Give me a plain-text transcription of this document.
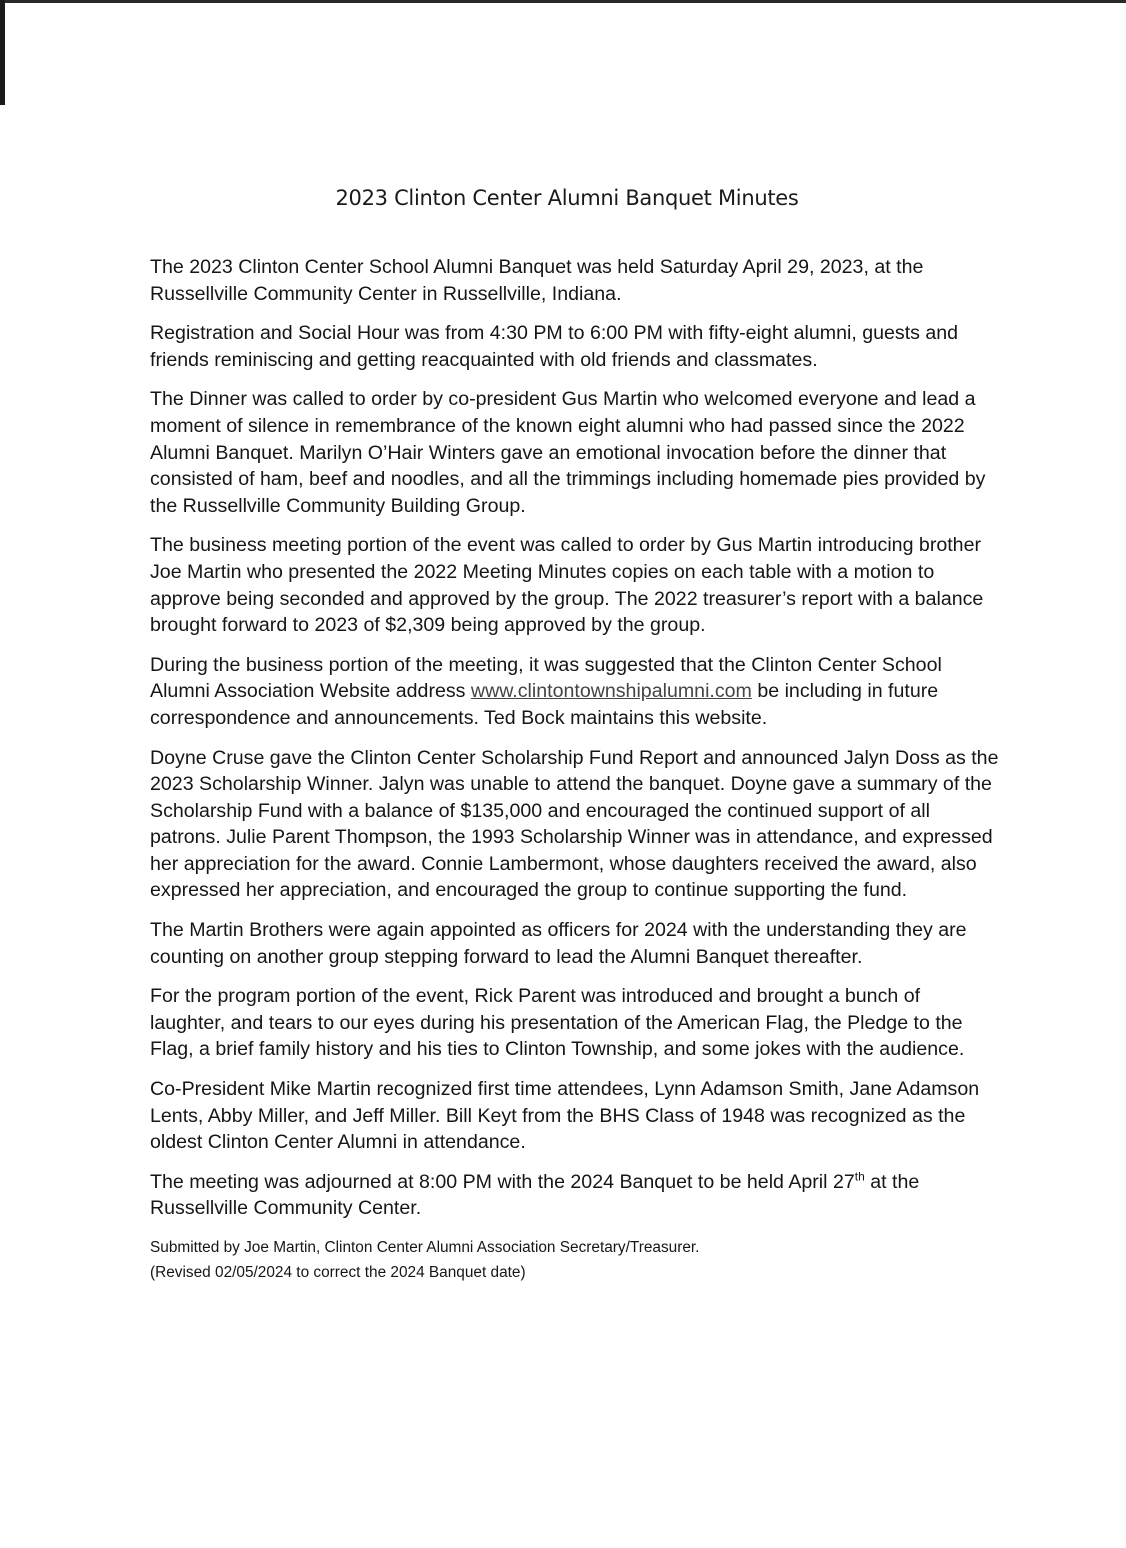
2023 Clinton Center Alumni Banquet Minutes

The 2023 Clinton Center School Alumni Banquet was held Saturday April 29, 2023, at the Russellville Community Center in Russellville, Indiana.

Registration and Social Hour was from 4:30 PM to 6:00 PM with fifty-eight alumni, guests and friends reminiscing and getting reacquainted with old friends and classmates.

The Dinner was called to order by co-president Gus Martin who welcomed everyone and lead a moment of silence in remembrance of the known eight alumni who had passed since the 2022 Alumni Banquet. Marilyn O’Hair Winters gave an emotional invocation before the dinner that consisted of ham, beef and noodles, and all the trimmings including homemade pies provided by the Russellville Community Building Group.

The business meeting portion of the event was called to order by Gus Martin introducing brother Joe Martin who presented the 2022 Meeting Minutes copies on each table with a motion to approve being seconded and approved by the group. The 2022 treasurer’s report with a balance brought forward to 2023 of $2,309 being approved by the group.

During the business portion of the meeting, it was suggested that the Clinton Center School Alumni Association Website address www.clintontownshipalumni.com be including in future correspondence and announcements. Ted Bock maintains this website.

Doyne Cruse gave the Clinton Center Scholarship Fund Report and announced Jalyn Doss as the 2023 Scholarship Winner. Jalyn was unable to attend the banquet. Doyne gave a summary of the Scholarship Fund with a balance of $135,000 and encouraged the continued support of all patrons. Julie Parent Thompson, the 1993 Scholarship Winner was in attendance, and expressed her appreciation for the award. Connie Lambermont, whose daughters received the award, also expressed her appreciation, and encouraged the group to continue supporting the fund.

The Martin Brothers were again appointed as officers for 2024 with the understanding they are counting on another group stepping forward to lead the Alumni Banquet thereafter.

For the program portion of the event, Rick Parent was introduced and brought a bunch of laughter, and tears to our eyes during his presentation of the American Flag, the Pledge to the Flag, a brief family history and his ties to Clinton Township, and some jokes with the audience.

Co-President Mike Martin recognized first time attendees, Lynn Adamson Smith, Jane Adamson Lents, Abby Miller, and Jeff Miller. Bill Keyt from the BHS Class of 1948 was recognized as the oldest Clinton Center Alumni in attendance.

The meeting was adjourned at 8:00 PM with the 2024 Banquet to be held April 27th at the Russellville Community Center.

Submitted by Joe Martin, Clinton Center Alumni Association Secretary/Treasurer.
(Revised 02/05/2024 to correct the 2024 Banquet date)
